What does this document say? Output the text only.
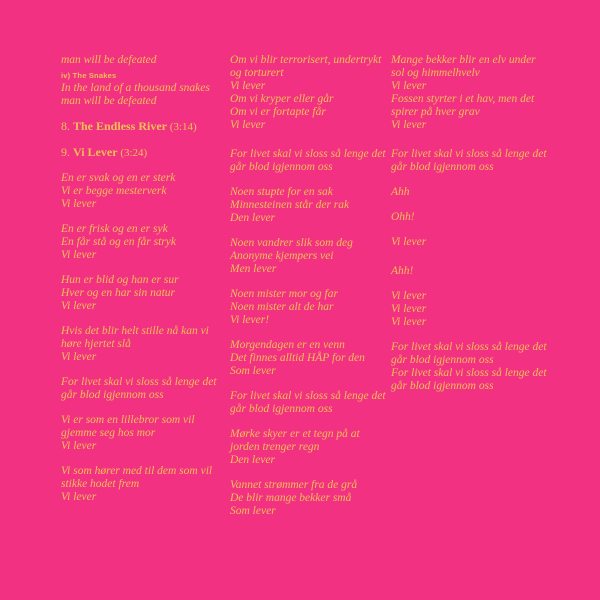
man will be defeated
iv) The Snakes
In the land of a thousand snakes
man will be defeated
8. The Endless River (3:14)
9. Vi Lever (3:24)
En er svak og en er sterk
Vi er begge mesterverk
Vi lever
En er frisk og en er syk
En får stå og en får stryk
Vi lever
Hun er blid og han er sur
Hver og en har sin natur
Vi lever
Hvis det blir helt stille nå kan vi
høre hjertet slå
Vi lever
For livet skal vi sloss så lenge det
går blod igjennom oss
Vi er som en lillebror som vil
gjemme seg hos mor
Vi lever
Vi som hører med til dem som vil
stikke hodet frem
Vi lever
Om vi blir terrorisert, undertrykt
og torturert
Vi lever
Om vi kryper eller går
Om vi er fortapte får
Vi lever
For livet skal vi sloss så lenge det
går blod igjennom oss
Noen stupte for en sak
Minnesteinen står der rak
Den lever
Noen vandrer slik som deg
Anonyme kjempers vei
Men lever
Noen mister mor og far
Noen mister alt de har
Vi lever!
Morgendagen er en venn
Det finnes alltid HÅP for den
Som lever
For livet skal vi sloss så lenge det
går blod igjennom oss
Mørke skyer er et tegn på at
jorden trenger regn
Den lever
Vannet strømmer fra de grå
De blir mange bekker små
Som lever
Mange bekker blir en elv under
sol og himmelhvelv
Vi lever
Fossen styrter i et hav, men det
spirer på hver grav
Vi lever
For livet skal vi sloss så lenge det
går blod igjennom oss
Ahh
Ohh!
Vi lever
Ahh!
Vi lever
Vi lever
Vi lever
For livet skal vi sloss så lenge det
går blod igjennom oss
For livet skal vi sloss så lenge det
går blod igjennom oss
